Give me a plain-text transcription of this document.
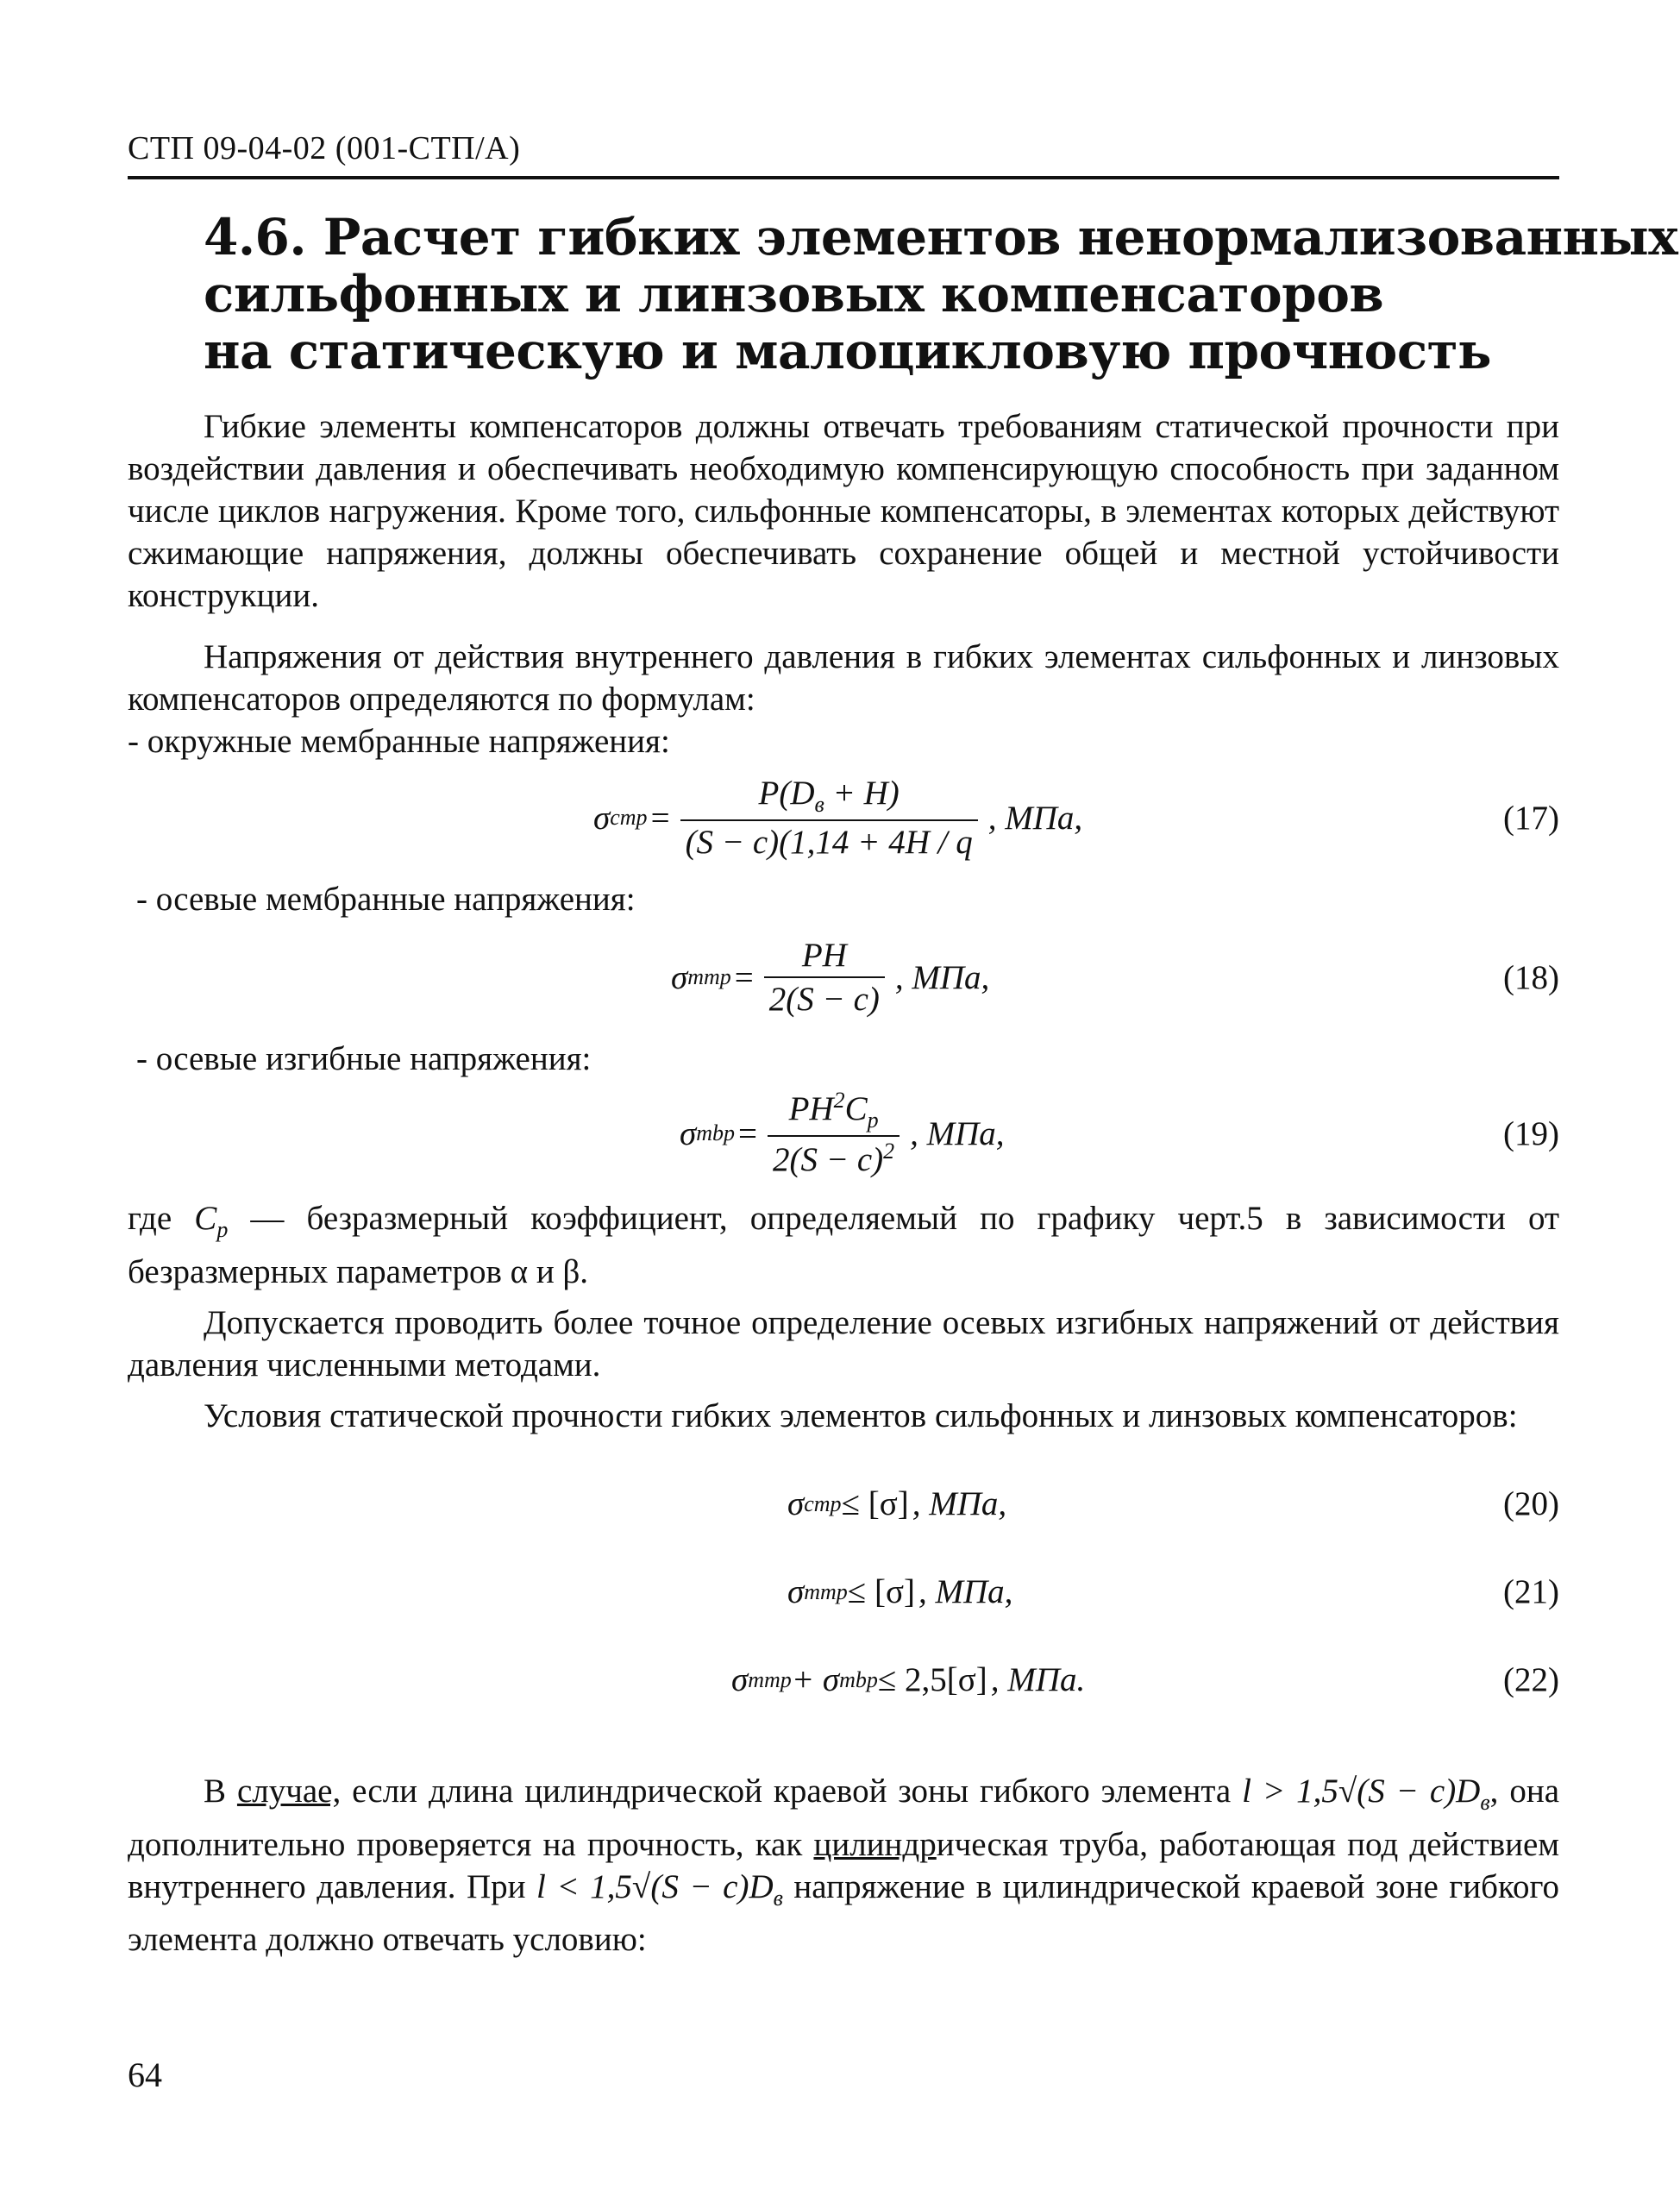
СТП 09-04-02 (001-СТП/А)
4.6. Расчет гибких элементов ненормализованных
сильфонных и линзовых компенсаторов
на статическую и малоцикловую прочность

Гибкие элементы компенсаторов должны отвечать требованиям статической прочности при воздействии давления и обеспечивать необходимую компенсирующую способность при заданном числе циклов нагружения. Кроме того, сильфонные компенсаторы, в элементах которых действуют сжимающие напряжения, должны обеспечивать сохранение общей и местной устойчивости конструкции.

Напряжения от действия внутреннего давления в гибких элементах сильфонных и линзовых компенсаторов определяются по формулам:

- окружные мембранные напряжения:

σ cmp = $\frac{P(D_в + H)}{(S - c)(1,14 + 4H / q}$ , МПа,	(17)

- осевые мембранные напряжения:

σ mmp = $\frac{PH}{2(S - c)}$ , МПа,	(18)

- осевые изгибные напряжения:

σ mbp = $\frac{PH^2C_p}{2(S - c)^2}$ , МПа,	(19)

где $C_p$ — безразмерный коэффициент, определяемый по графику черт.5 в зависимости от безразмерных параметров α и β.

Допускается проводить более точное определение осевых изгибных напряжений от действия давления численными методами.

Условия статической прочности гибких элементов сильфонных и линзовых компенсаторов:

σ cmp ≤ [σ] , МПа,	(20)
σ mmp ≤ [σ] , МПа,	(21)
σ mmp + σ mbp ≤ 2,5[σ] , МПа.	(22)

В случае, если длина цилиндрической краевой зоны гибкого элемента $l > 1,5√(S - c)D_в$, она дополнительно проверяется на прочность, как цилиндрическая труба, работающая под действием внутреннего давления. При $l < 1,5√(S - c)D_в$ напряжение в цилиндрической краевой зоне гибкого элемента должно отвечать условию:

64
